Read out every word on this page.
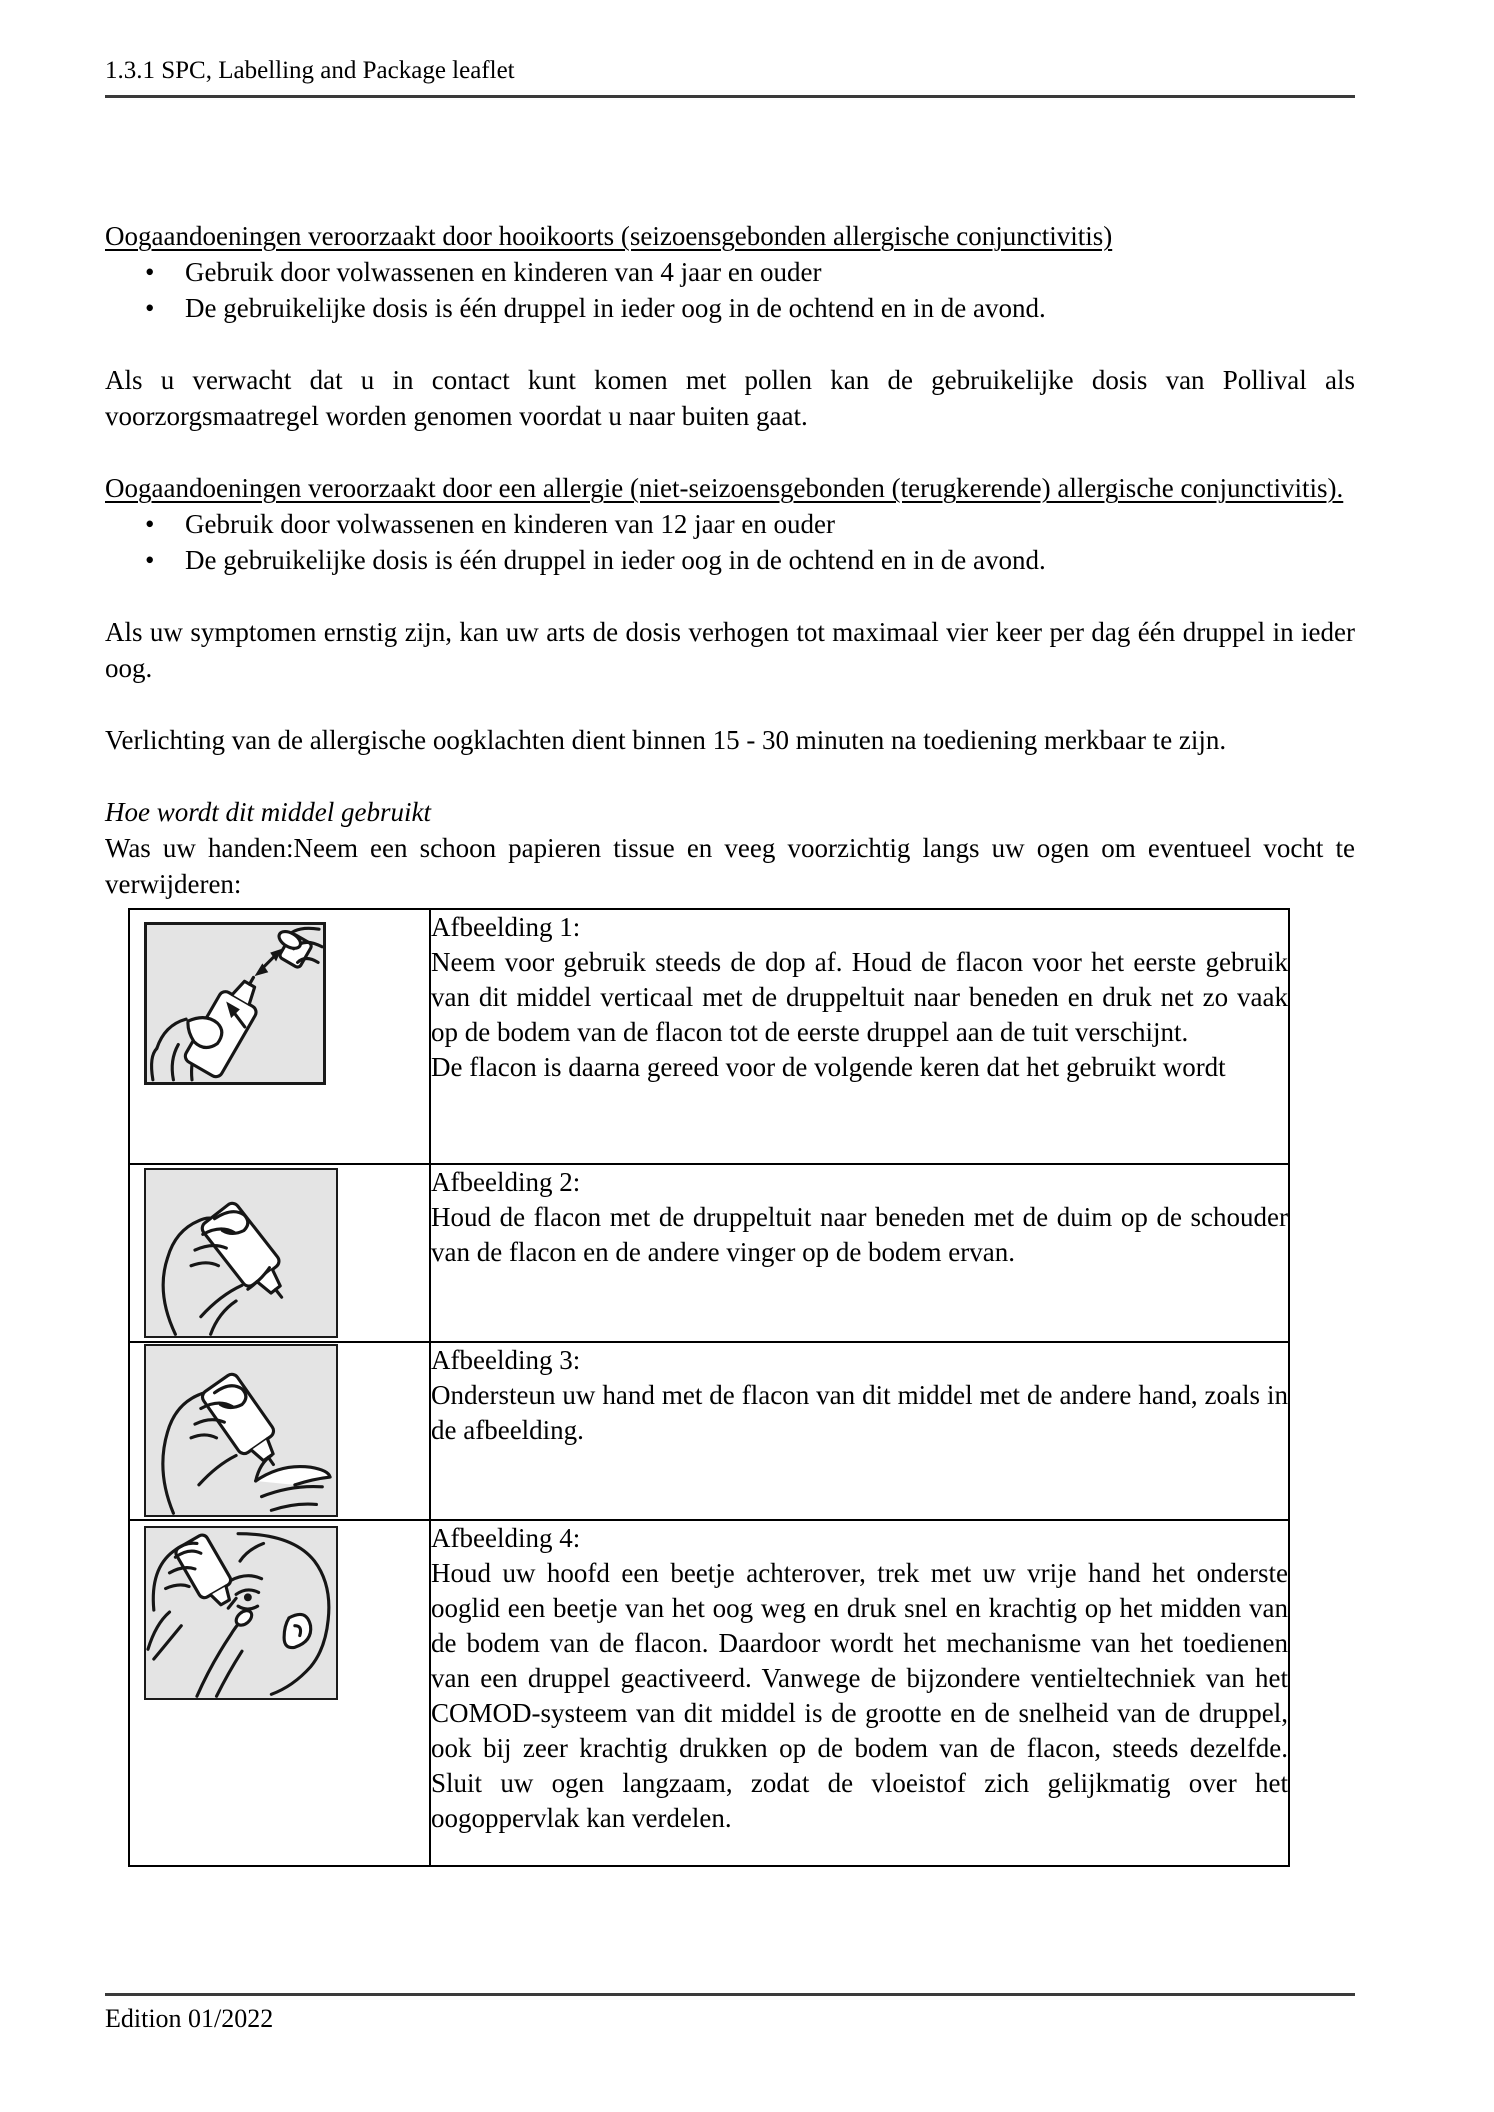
1.3.1 SPC, Labelling and Package leaflet

Oogaandoeningen veroorzaakt door hooikoorts (seizoensgebonden allergische conjunctivitis)

•	Gebruik door volwassenen en kinderen van 4 jaar en ouder
•	De gebruikelijke dosis is één druppel in ieder oog in de ochtend en in de avond.

Als u verwacht dat u in contact kunt komen met pollen kan de gebruikelijke dosis van Pollival als voorzorgsmaatregel worden genomen voordat u naar buiten gaat.

Oogaandoeningen veroorzaakt door een allergie (niet-seizoensgebonden (terugkerende) allergische conjunctivitis).

•	Gebruik door volwassenen en kinderen van 12 jaar en ouder
•	De gebruikelijke dosis is één druppel in ieder oog in de ochtend en in de avond.

Als uw symptomen ernstig zijn, kan uw arts de dosis verhogen tot maximaal vier keer per dag één druppel in ieder oog.

Verlichting van de allergische oogklachten dient binnen 15 - 30 minuten na toediening merkbaar te zijn.

Hoe wordt dit middel gebruikt

Was uw handen:Neem een schoon papieren tissue en veeg voorzichtig langs uw ogen om eventueel vocht te verwijderen:

Afbeelding 1:
Neem voor gebruik steeds de dop af. Houd de flacon voor het eerste gebruik van dit middel verticaal met de druppeltuit naar beneden en druk net zo vaak op de bodem van de flacon tot de eerste druppel aan de tuit verschijnt.
De flacon is daarna gereed voor de volgende keren dat het gebruikt wordt

Afbeelding 2:
Houd de flacon met de druppeltuit naar beneden met de duim op de schouder van de flacon en de andere vinger op de bodem ervan.

Afbeelding 3:
Ondersteun uw hand met de flacon van dit middel met de andere hand, zoals in de afbeelding.

Afbeelding 4:
Houd uw hoofd een beetje achterover, trek met uw vrije hand het onderste ooglid een beetje van het oog weg en druk snel en krachtig op het midden van de bodem van de flacon. Daardoor wordt het mechanisme van het toedienen van een druppel geactiveerd. Vanwege de bijzondere ventieltechniek van het COMOD-systeem van dit middel is de grootte en de snelheid van de druppel, ook bij zeer krachtig drukken op de bodem van de flacon, steeds dezelfde. Sluit uw ogen langzaam, zodat de vloeistof zich gelijkmatig over het oogoppervlak kan verdelen.
Edition 01/2022
